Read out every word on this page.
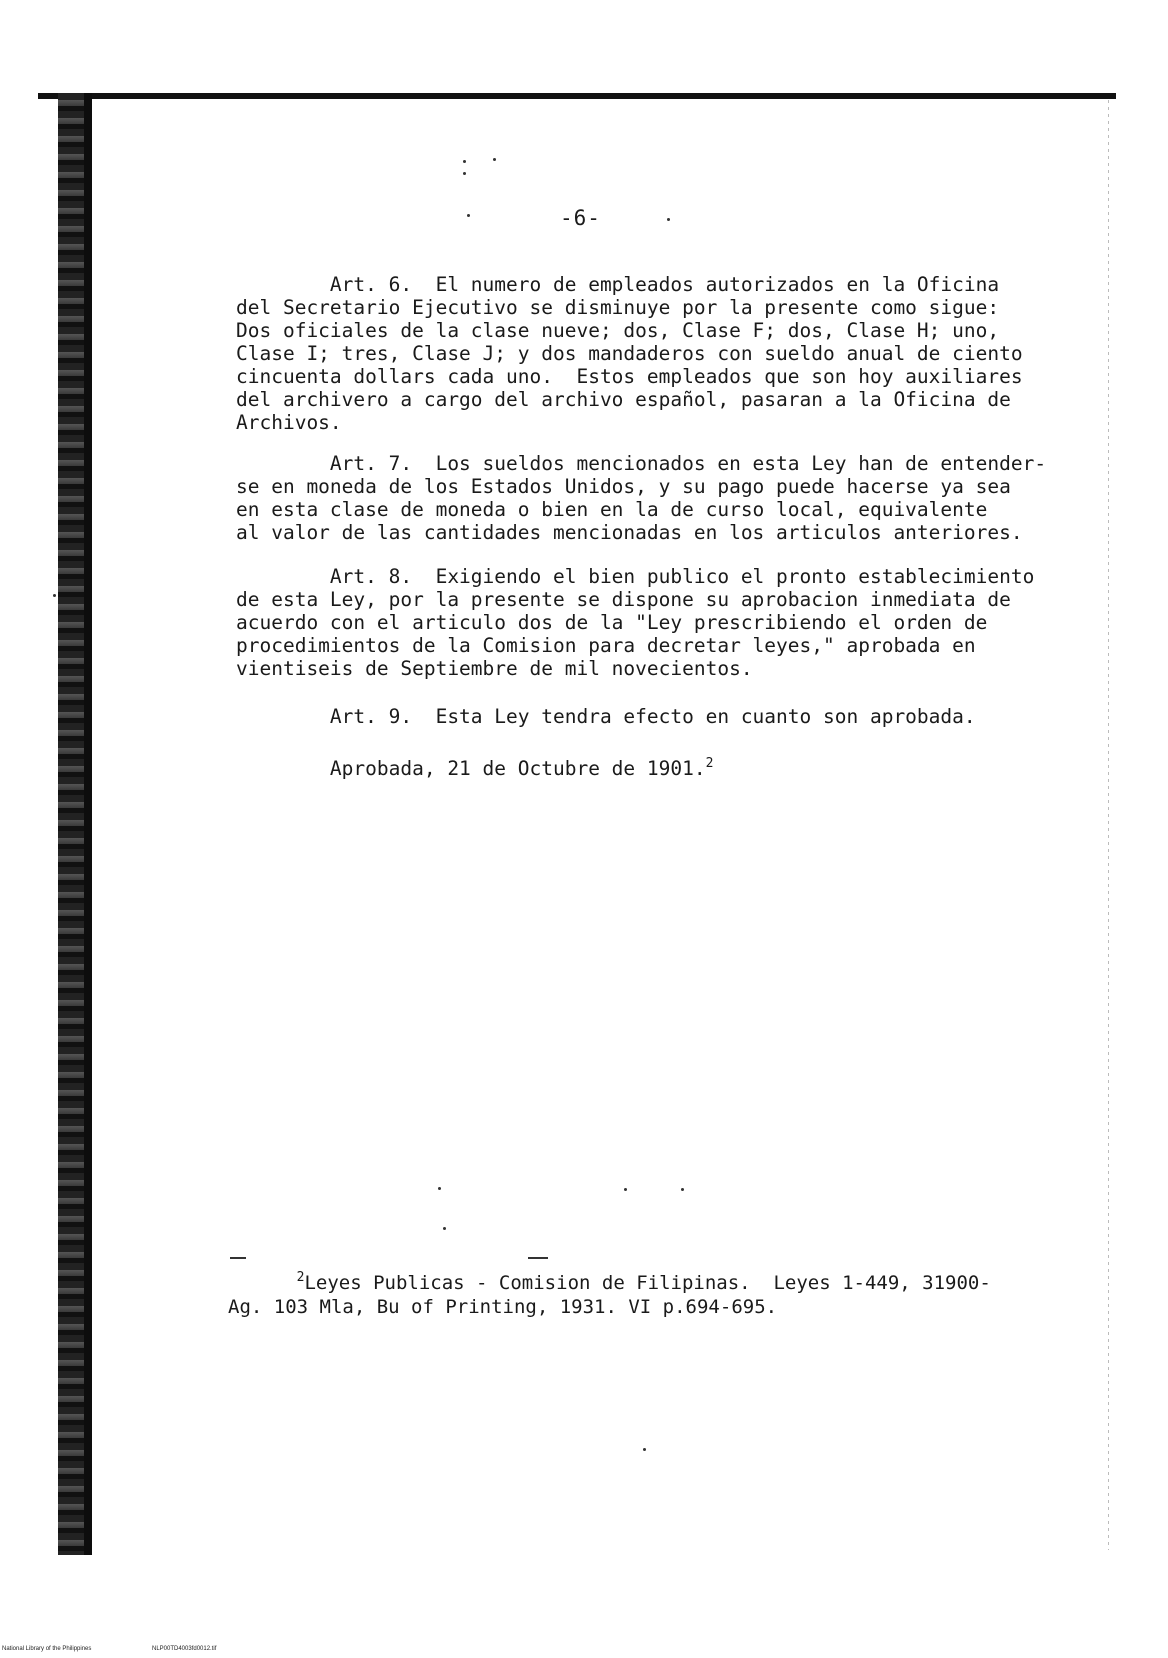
-6-
Art. 6.  El numero de empleados autorizados en la Oficina
del Secretario Ejecutivo se disminuye por la presente como sigue:
Dos oficiales de la clase nueve; dos, Clase F; dos, Clase H; uno,
Clase I; tres, Clase J; y dos mandaderos con sueldo anual de ciento
cincuenta dollars cada uno.  Estos empleados que son hoy auxiliares
del archivero a cargo del archivo español, pasaran a la Oficina de
Archivos.
Art. 7.  Los sueldos mencionados en esta Ley han de entender-
se en moneda de los Estados Unidos, y su pago puede hacerse ya sea
en esta clase de moneda o bien en la de curso local, equivalente
al valor de las cantidades mencionadas en los articulos anteriores.
Art. 8.  Exigiendo el bien publico el pronto establecimiento
de esta Ley, por la presente se dispone su aprobacion inmediata de
acuerdo con el articulo dos de la "Ley prescribiendo el orden de
procedimientos de la Comision para decretar leyes," aprobada en
vientiseis de Septiembre de mil novecientos.
Art. 9.  Esta Ley tendra efecto en cuanto son aprobada.
Aprobada, 21 de Octubre de 1901.$^2$
$^2$Leyes Publicas - Comision de Filipinas.  Leyes 1-449, 31900-
Ag. 103 Mla, Bu of Printing, 1931. VI p.694-695.
National Library of the Philippines	NLP00TD4003fd0012.tif
